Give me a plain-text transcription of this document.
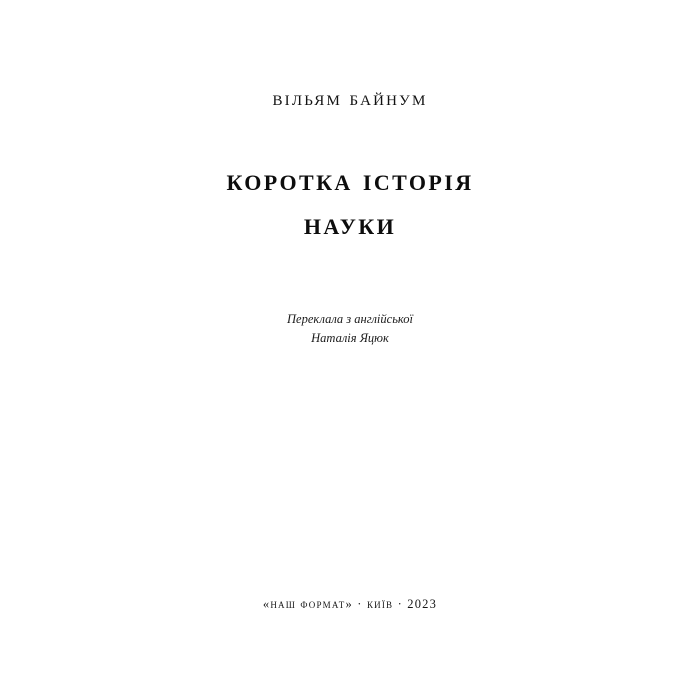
вільям байнум
коротка історія
науки
Переклала з англійської
Наталія Яцюк
«наш формат» · київ · 2023
